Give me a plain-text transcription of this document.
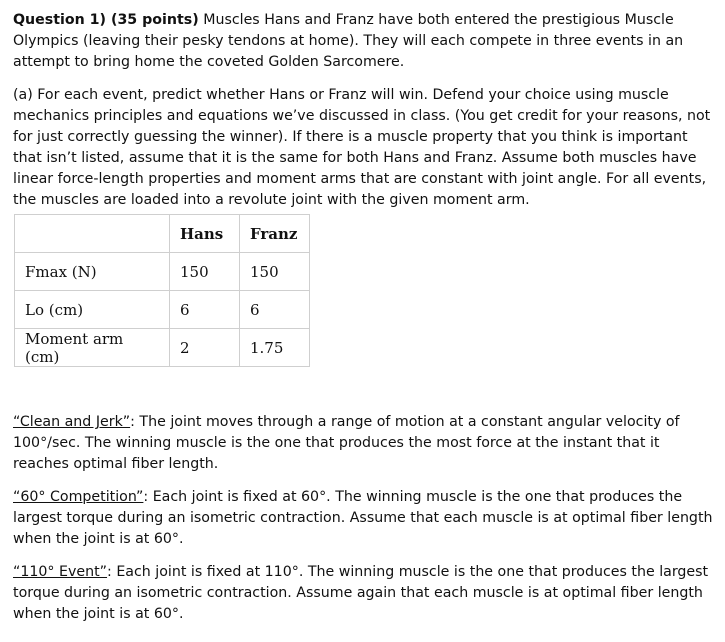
Question 1) (35 points) Muscles Hans and Franz have both entered the prestigious Muscle Olympics (leaving their pesky tendons at home). They will each compete in three events in an attempt to bring home the coveted Golden Sarcomere.

(a) For each event, predict whether Hans or Franz will win. Defend your choice using muscle mechanics principles and equations we’ve discussed in class. (You get credit for your reasons, not for just correctly guessing the winner). If there is a muscle property that you think is important that isn’t listed, assume that it is the same for both Hans and Franz. Assume both muscles have linear force-length properties and moment arms that are constant with joint angle. For all events, the muscles are loaded into a revolute joint with the given moment arm.

	Hans	Franz
Fmax (N)	150	150
Lo (cm)	6	6
Moment arm (cm)	2	1.75

“Clean and Jerk”: The joint moves through a range of motion at a constant angular velocity of 100°/sec. The winning muscle is the one that produces the most force at the instant that it reaches optimal fiber length.

“60° Competition”: Each joint is fixed at 60°. The winning muscle is the one that produces the largest torque during an isometric contraction. Assume that each muscle is at optimal fiber length when the joint is at 60°.

“110° Event”: Each joint is fixed at 110°. The winning muscle is the one that produces the largest torque during an isometric contraction. Assume again that each muscle is at optimal fiber length when the joint is at 60°.
